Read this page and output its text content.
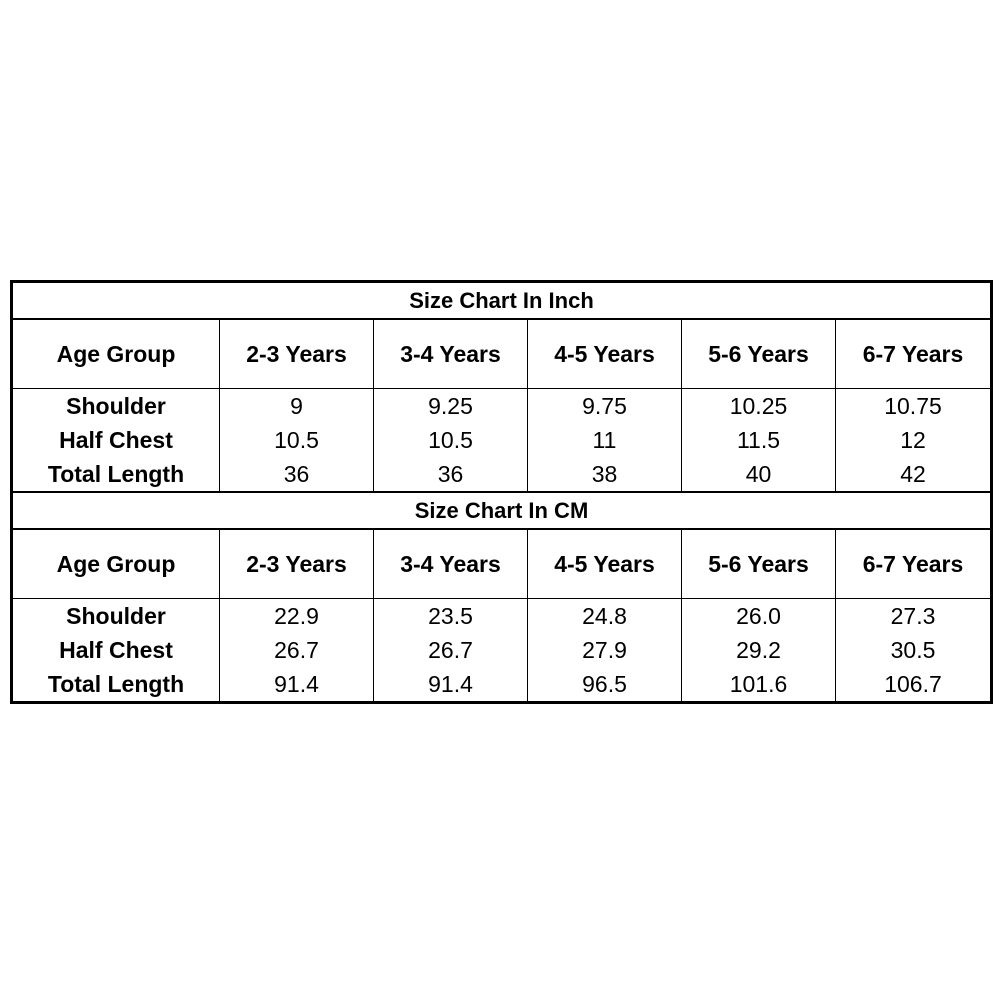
Size Chart In Inch					
Age Group	2-3 Years	3-4 Years	4-5 Years	5-6 Years	6-7 Years
Shoulder	9	9.25	9.75	10.25	10.75
Half Chest	10.5	10.5	11	11.5	12
Total Length	36	36	38	40	42
Size Chart In CM					
Age Group	2-3 Years	3-4 Years	4-5 Years	5-6 Years	6-7 Years
Shoulder	22.9	23.5	24.8	26.0	27.3
Half Chest	26.7	26.7	27.9	29.2	30.5
Total Length	91.4	91.4	96.5	101.6	106.7
